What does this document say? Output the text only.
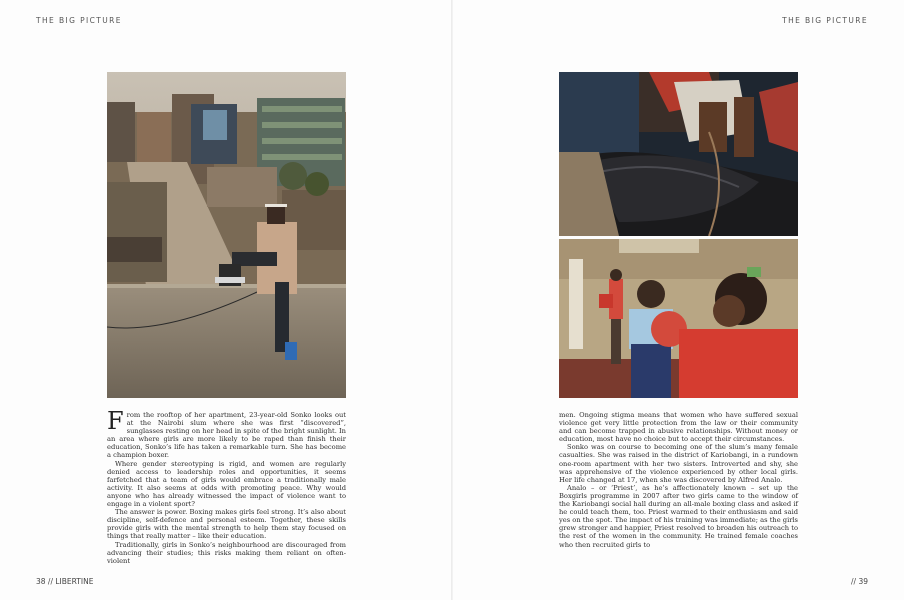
THE BIG PICTURE	THE BIG PICTURE

From the rooftop of her apartment, 23-year-old Sonko looks out at the Nairobi slum where she was first “discovered”, sunglasses resting on her head in spite of the bright sunlight. In an area where girls are more likely to be raped than finish their education, Sonko’s life has taken a remarkable turn. She has become a champion boxer.

Where gender stereotyping is rigid, and women are regularly denied access to leadership roles and opportunities, it seems farfetched that a team of girls would embrace a traditionally male activity. It also seems at odds with promoting peace. Why would anyone who has already witnessed the impact of violence want to engage in a violent sport?

The answer is power. Boxing makes girls feel strong. It’s also about discipline, self-defence and personal esteem. Together, these skills provide girls with the mental strength to help them stay focused on things that really matter – like their education.

Traditionally, girls in Sonko’s neighbourhood are discouraged from advancing their studies; this risks making them reliant on often-violent

men. Ongoing stigma means that women who have suffered sexual violence get very little protection from the law or their community and can become trapped in abusive relationships. Without money or education, most have no choice but to accept their circumstances.

Sonko was on course to becoming one of the slum’s many female casualties. She was raised in the district of Kariobangi, in a rundown one-room apartment with her two sisters. Introverted and shy, she was apprehensive of the violence experienced by other local girls. Her life changed at 17, when she was discovered by Alfred Analo.

Analo – or ‘Priest’, as he’s affectionately known – set up the Boxgirls programme in 2007 after two girls came to the window of the Kariobangi social hall during an all-male boxing class and asked if he could teach them, too. Priest warmed to their enthusiasm and said yes on the spot. The impact of his training was immediate; as the girls grew stronger and happier, Priest resolved to broaden his outreach to the rest of the women in the community. He trained female coaches who then recruited girls to

38 // LIBERTINE	// 39
